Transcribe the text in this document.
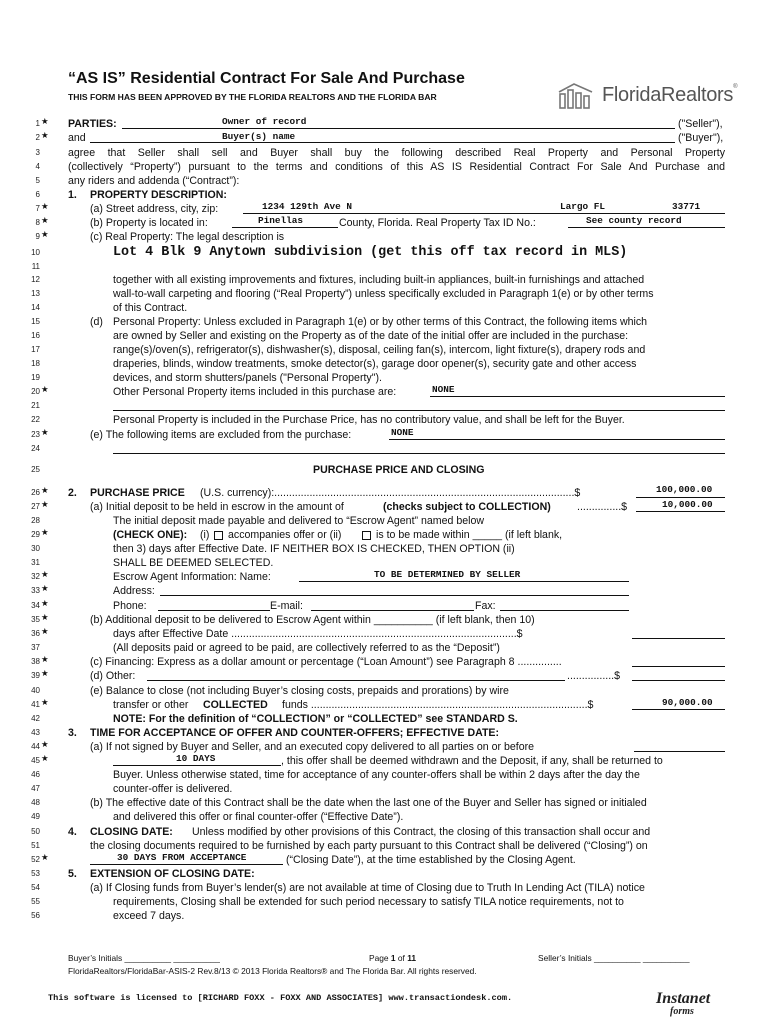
“AS IS” Residential Contract For Sale And Purchase
THIS FORM HAS BEEN APPROVED BY THE FLORIDA REALTORS AND THE FLORIDA BAR	FloridaRealtors®
1 ★ PARTIES:	Owner of record	("Seller"),
2 ★ and	Buyer(s) name	("Buyer"),
3	agree that Seller shall sell and Buyer shall buy the following described Real Property and Personal Property
4	(collectively “Property”) pursuant to the terms and conditions of this AS IS Residential Contract For Sale And Purchase and
5	any riders and addenda (“Contract”):
6	1. PROPERTY DESCRIPTION:
7 ★	(a) Street address, city, zip:	1234 129th Ave N	Largo FL	33771
8 ★	(b) Property is located in:	Pinellas	County, Florida. Real Property Tax ID No.:	See county record
9 ★	(c) Real Property: The legal description is
10	Lot 4 Blk 9 Anytown subdivision (get this off tax record in MLS)
11
12	together with all existing improvements and fixtures, including built-in appliances, built-in furnishings and attached
13	wall-to-wall carpeting and flooring (“Real Property”) unless specifically excluded in Paragraph 1(e) or by other terms
14	of this Contract.
15	(d) Personal Property: Unless excluded in Paragraph 1(e) or by other terms of this Contract, the following items which
16	are owned by Seller and existing on the Property as of the date of the initial offer are included in the purchase:
17	range(s)/oven(s), refrigerator(s), dishwasher(s), disposal, ceiling fan(s), intercom, light fixture(s), drapery rods and
18	draperies, blinds, window treatments, smoke detector(s), garage door opener(s), security gate and other access
19	devices, and storm shutters/panels ("Personal Property").
20 ★	Other Personal Property items included in this purchase are:	NONE
21
22	Personal Property is included in the Purchase Price, has no contributory value, and shall be left for the Buyer.
23 ★	(e) The following items are excluded from the purchase:	NONE
24
25	PURCHASE PRICE AND CLOSING
26 ★ 2. PURCHASE PRICE (U.S. currency):......................................................................................................$	100,000.00
27 ★	(a) Initial deposit to be held in escrow in the amount of	(checks subject to COLLECTION) ...............$	10,000.00
28	The initial deposit made payable and delivered to “Escrow Agent” named below
29 ★	(CHECK ONE): (i) accompanies offer or (ii)	is to be made within _____ (if left blank,
30	then 3) days after Effective Date. IF NEITHER BOX IS CHECKED, THEN OPTION (ii)
31	SHALL BE DEEMED SELECTED.
32 ★	Escrow Agent Information: Name:	TO BE DETERMINED BY SELLER
33 ★	Address:
34 ★	Phone:	E-mail:	Fax:
35 ★	(b) Additional deposit to be delivered to Escrow Agent within __________ (if left blank, then 10)
36 ★	days after Effective Date .................................................................................................$
37	(All deposits paid or agreed to be paid, are collectively referred to as the “Deposit”)
38 ★	(c) Financing: Express as a dollar amount or percentage (“Loan Amount”) see Paragraph 8 ...............
39 ★	(d) Other:	................$
40	(e) Balance to close (not including Buyer’s closing costs, prepaids and prorations) by wire
41 ★	transfer or other COLLECTED funds ..............................................................................................$	90,000.00
42	NOTE: For the definition of “COLLECTION” or “COLLECTED” see STANDARD S.
43	3. TIME FOR ACCEPTANCE OF OFFER AND COUNTER-OFFERS; EFFECTIVE DATE:
44 ★	(a) If not signed by Buyer and Seller, and an executed copy delivered to all parties on or before
45 ★	10 DAYS	, this offer shall be deemed withdrawn and the Deposit, if any, shall be returned to
46	Buyer. Unless otherwise stated, time for acceptance of any counter-offers shall be within 2 days after the day the
47	counter-offer is delivered.
48	(b) The effective date of this Contract shall be the date when the last one of the Buyer and Seller has signed or initialed
49	and delivered this offer or final counter-offer (“Effective Date”).
50	4. CLOSING DATE: Unless modified by other provisions of this Contract, the closing of this transaction shall occur and
51	the closing documents required to be furnished by each party pursuant to this Contract shall be delivered (“Closing”) on
52 ★	30 DAYS FROM ACCEPTANCE	(“Closing Date”), at the time established by the Closing Agent.
53	5. EXTENSION OF CLOSING DATE:
54	(a) If Closing funds from Buyer’s lender(s) are not available at time of Closing due to Truth In Lending Act (TILA) notice
55	requirements, Closing shall be extended for such period necessary to satisfy TILA notice requirements, not to
56	exceed 7 days.
Buyer’s Initials __________ __________	Page 1 of 11	Seller’s Initials __________ __________
FloridaRealtors/FloridaBar-ASIS-2 Rev.8/13 © 2013 Florida Realtors® and The Florida Bar. All rights reserved.
This software is licensed to [RICHARD FOXX - FOXX AND ASSOCIATES] www.transactiondesk.com.	Instanet
forms
